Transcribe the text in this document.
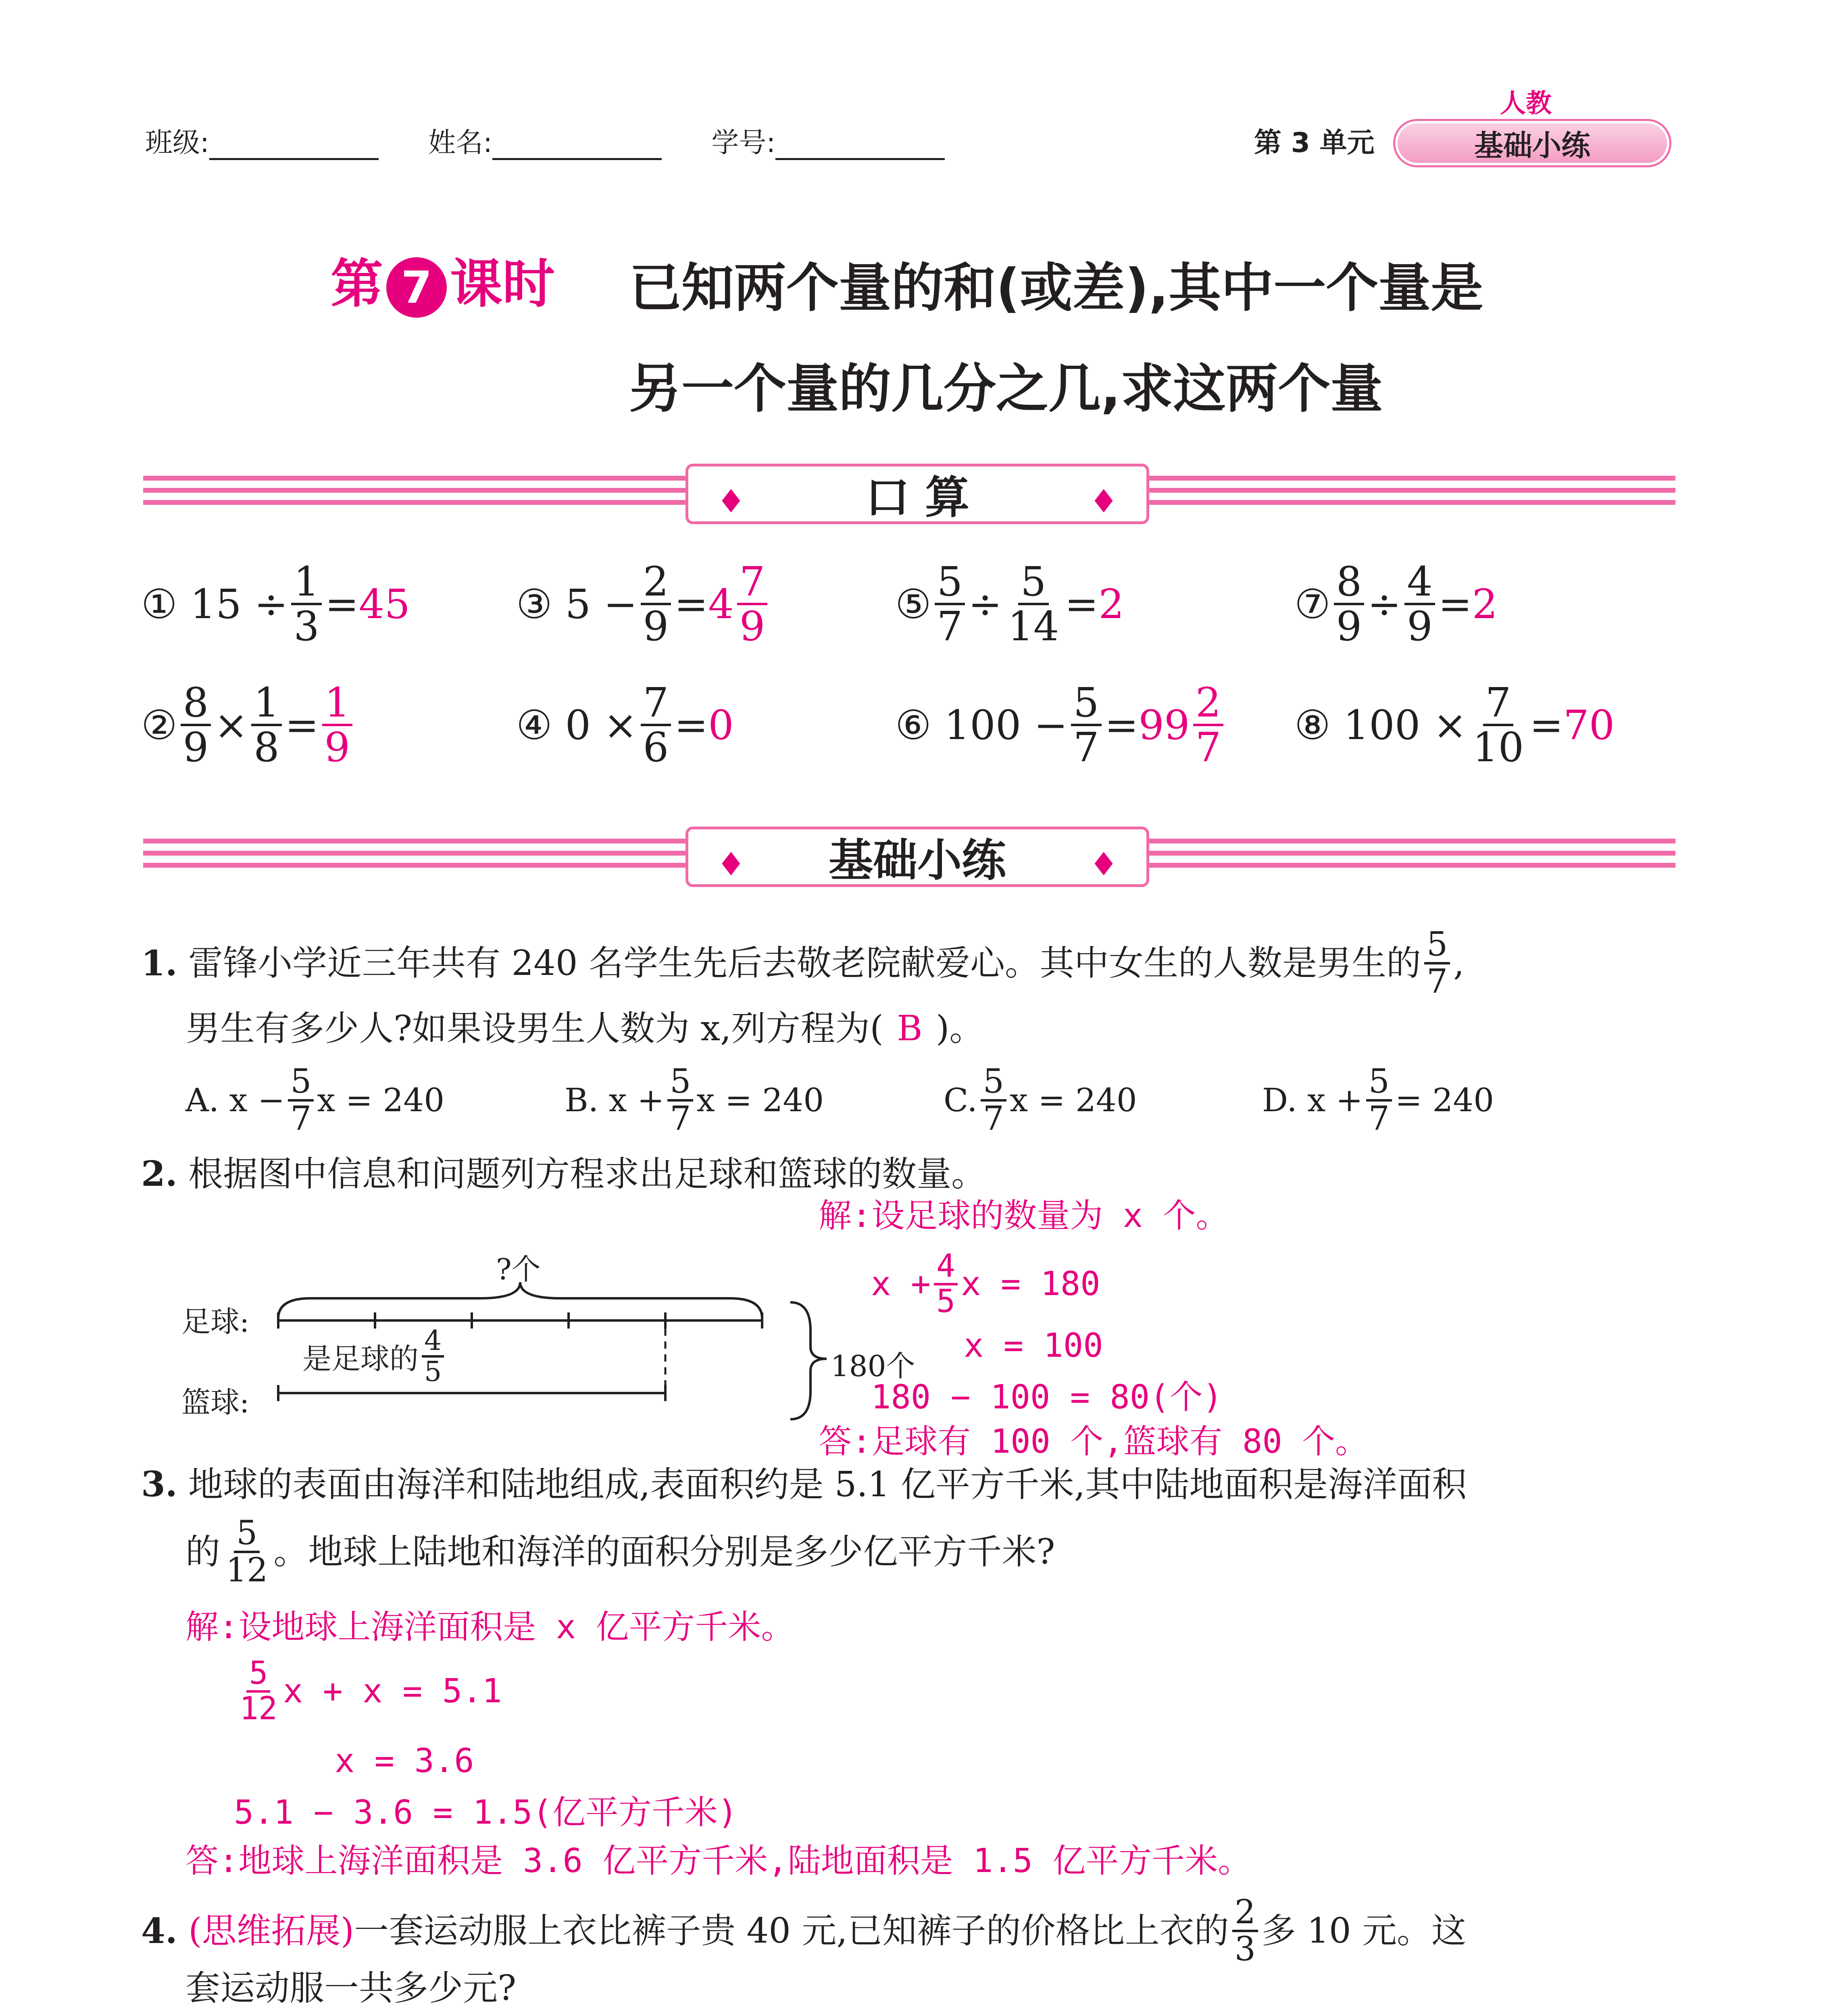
班级:	姓名:	学号:	第 3 单元
人教
基础小练
第 7 课时 已知两个量的和(或差),其中一个量是
另一个量的几分之几,求这两个量
♦	口 算	♦
①
15
÷ $\frac{1}{3} = 45$	③
5
− $\frac{2}{9} = 4 \frac{7}{9}$	⑤ $\frac{5}{7} \div \frac{5}{14} = 2$	⑦ $\frac{8}{9} \div \frac{4}{9} = 2$
② $\frac{8}{9} \times \frac{1}{8} = \frac{1}{9}$	④
0
× $\frac{7}{6} = 0$	⑥
100
− $\frac{5}{7} = 99 \frac{2}{7}$ ⑧
100
× $\frac{7}{10} = 70$
♦ 基础小练	♦
1.
雷锋小学近三年共有 240 名学生先后去敬老院献爱心。其中女生的人数是男生的 $\frac{5}{7}$ ,
男生有多少人?如果设男生人数为 x,列方程为( B )。
A. $x - \frac{5}{7}$ x = 240	B. $x + \frac{5}{7}$ x = 240	C. $\frac{5}{7}$ x = 240	D. $x + \frac{5}{7} = 240$
2. 根据图中信息和问题列方程求出足球和篮球的数量。
足球:
篮球:
?个
是足球的 $\frac{4}{5}$	180个
解:设足球的数量为 x 个。
$x + \frac{4}{5}$ x = 180
x = 100
180 − 100 = 80(个)
答:足球有 100 个,篮球有 80 个。
3. 地球的表面由海洋和陆地组成,表面积约是 5.1 亿平方千米,其中陆地面积是海洋面积
的 $\frac{5}{12}$ 。地球上陆地和海洋的面积分别是多少亿平方千米?
解:设地球上海洋面积是 x 亿平方千米。
$\frac{5}{12}$ x + x = 5.1
x = 3.6
5.1 − 3.6 = 1.5(亿平方千米)
答:地球上海洋面积是 3.6 亿平方千米,陆地面积是 1.5 亿平方千米。
4.
(思维拓展) 一套运动服上衣比裤子贵 40 元,已知裤子的价格比上衣的 $\frac{2}{3}$ 多 10 元。这
套运动服一共多少元?
